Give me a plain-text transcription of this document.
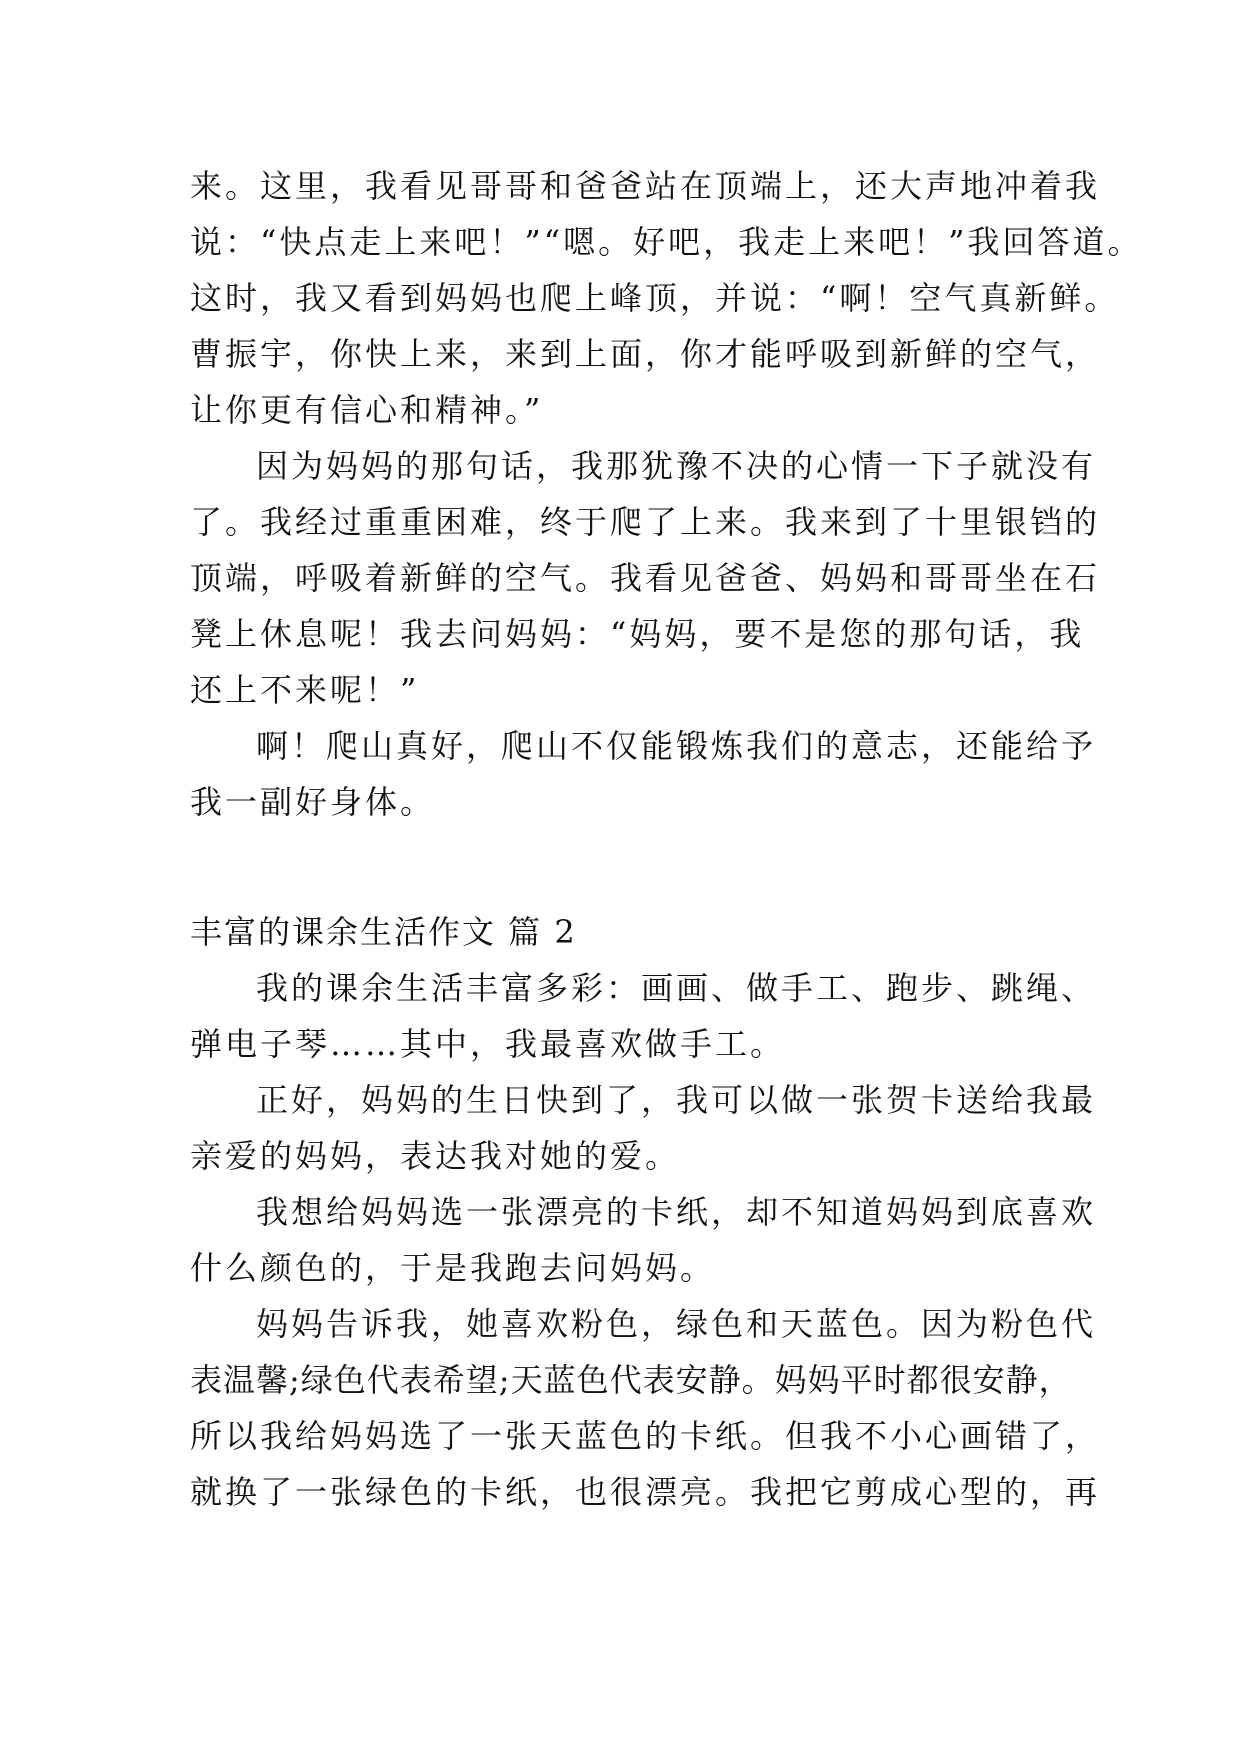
来。这里，我看见哥哥和爸爸站在顶端上，还大声地冲着我
说：“快点走上来吧！”“嗯。好吧，我走上来吧！”我回答道。
这时，我又看到妈妈也爬上峰顶，并说：“啊！空气真新鲜。
曹振宇，你快上来，来到上面，你才能呼吸到新鲜的空气，
让你更有信心和精神。”
因为妈妈的那句话，我那犹豫不决的心情一下子就没有
了。我经过重重困难，终于爬了上来。我来到了十里银铛的
顶端，呼吸着新鲜的空气。我看见爸爸、妈妈和哥哥坐在石
凳上休息呢！我去问妈妈：“妈妈，要不是您的那句话，我
还上不来呢！”
啊！爬山真好，爬山不仅能锻炼我们的意志，还能给予
我一副好身体。
丰富的课余生活作文 篇 2
我的课余生活丰富多彩：画画、做手工、跑步、跳绳、
弹电子琴……其中，我最喜欢做手工。
正好，妈妈的生日快到了，我可以做一张贺卡送给我最
亲爱的妈妈，表达我对她的爱。
我想给妈妈选一张漂亮的卡纸，却不知道妈妈到底喜欢
什么颜色的，于是我跑去问妈妈。
妈妈告诉我，她喜欢粉色，绿色和天蓝色。因为粉色代
表温馨;绿色代表希望;天蓝色代表安静。妈妈平时都很安静，
所以我给妈妈选了一张天蓝色的卡纸。但我不小心画错了，
就换了一张绿色的卡纸，也很漂亮。我把它剪成心型的，再
